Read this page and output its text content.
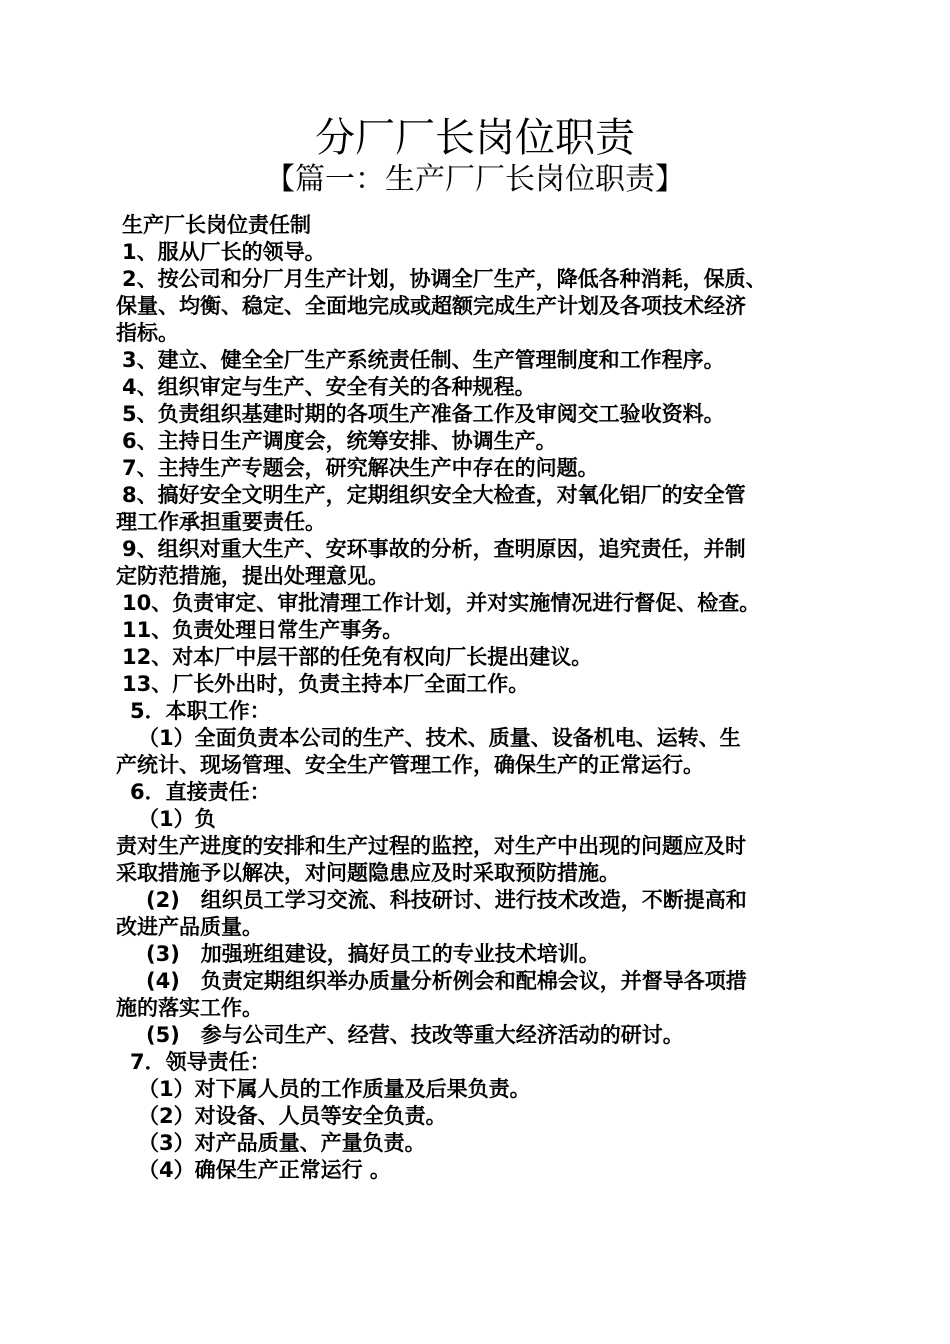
分厂厂长岗位职责
【篇一：生产厂厂长岗位职责】

生产厂长岗位责任制

1、服从厂长的领导。

2、按公司和分厂月生产计划，协调全厂生产，降低各种消耗，保质、

保量、均衡、稳定、全面地完成或超额完成生产计划及各项技术经济

指标。

3、建立、健全全厂生产系统责任制、生产管理制度和工作程序。

4、组织审定与生产、安全有关的各种规程。

5、负责组织基建时期的各项生产准备工作及审阅交工验收资料。

6、主持日生产调度会，统筹安排、协调生产。

7、主持生产专题会，研究解决生产中存在的问题。

8、搞好安全文明生产，定期组织安全大检查，对氧化铝厂的安全管

理工作承担重要责任。

9、组织对重大生产、安环事故的分析，查明原因，追究责任，并制

定防范措施，提出处理意见。

10、负责审定、审批清理工作计划，并对实施情况进行督促、检查。

11、负责处理日常生产事务。

12、对本厂中层干部的任免有权向厂长提出建议。

13、厂长外出时，负责主持本厂全面工作。

5．本职工作：

（1）全面负责本公司的生产、技术、质量、设备机电、运转、生

产统计、现场管理、安全生产管理工作，确保生产的正常运行。

6．直接责任：

（1）负

责对生产进度的安排和生产过程的监控，对生产中出现的问题应及时

采取措施予以解决，对问题隐患应及时采取预防措施。

(2)　组织员工学习交流、科技研讨、进行技术改造，不断提高和

改进产品质量。

(3)　加强班组建设，搞好员工的专业技术培训。

(4)　负责定期组织举办质量分析例会和配棉会议，并督导各项措

施的落实工作。

(5)　参与公司生产、经营、技改等重大经济活动的研讨。

7．领导责任：

（1）对下属人员的工作质量及后果负责。

（2）对设备、人员等安全负责。

（3）对产品质量、产量负责。

（4）确保生产正常运行 。
